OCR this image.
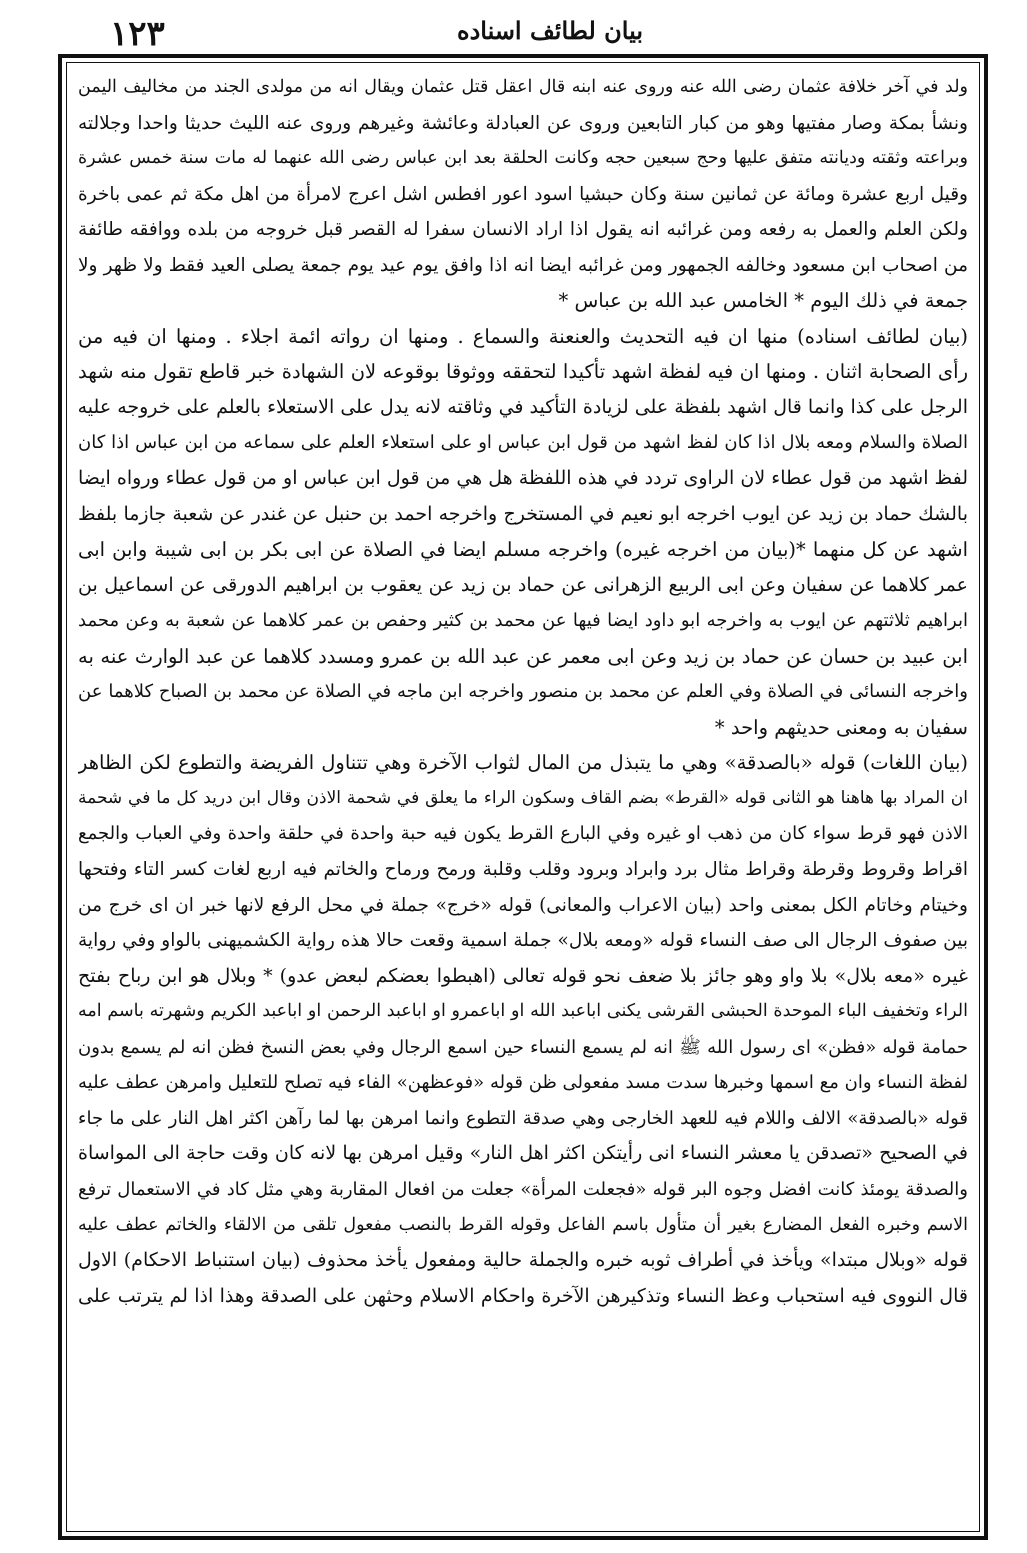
۱۲۳	بيان لطائف اسناده
ولد في آخر خلافة عثمان رضى الله عنه وروى عنه ابنه قال اعقل قتل عثمان ويقال انه من مولدى الجند من مخاليف اليمن
ونشأ بمكة وصار مفتيها وهو من كبار التابعين وروى عن العبادلة وعائشة وغيرهم وروى عنه الليث حديثا واحدا وجلالته
وبراعته وثقته وديانته متفق عليها وحج سبعين حجه وكانت الحلقة بعد ابن عباس رضى الله عنهما له مات سنة خمس عشرة
وقيل اربع عشرة ومائة عن ثمانين سنة وكان حبشيا اسود اعور افطس اشل اعرج لامرأة من اهل مكة ثم عمى باخرة
ولكن العلم والعمل به رفعه ومن غرائبه انه يقول اذا اراد الانسان سفرا له القصر قبل خروجه من بلده ووافقه طائفة
من اصحاب ابن مسعود وخالفه الجمهور ومن غرائبه ايضا انه اذا وافق يوم عيد يوم جمعة يصلى العيد فقط ولا ظهر ولا
جمعة في ذلك اليوم * الخامس عبد الله بن عباس *
(بيان لطائف اسناده) منها ان فيه التحديث والعنعنة والسماع . ومنها ان رواته ائمة اجلاء . ومنها ان فيه من
رأى الصحابة اثنان . ومنها ان فيه لفظة اشهد تأكيدا لتحققه ووثوقا بوقوعه لان الشهادة خبر قاطع تقول منه شهد
الرجل على كذا وانما قال اشهد بلفظة على لزيادة التأكيد في وثاقته لانه يدل على الاستعلاء بالعلم على خروجه عليه
الصلاة والسلام ومعه بلال اذا كان لفظ اشهد من قول ابن عباس او على استعلاء العلم على سماعه من ابن عباس اذا كان
لفظ اشهد من قول عطاء لان الراوى تردد في هذه اللفظة هل هي من قول ابن عباس او من قول عطاء ورواه ايضا
بالشك حماد بن زيد عن ايوب اخرجه ابو نعيم في المستخرج واخرجه احمد بن حنبل عن غندر عن شعبة جازما بلفظ
اشهد عن كل منهما *(بيان من اخرجه غيره) واخرجه مسلم ايضا في الصلاة عن ابى بكر بن ابى شيبة وابن ابى
عمر كلاهما عن سفيان وعن ابى الربيع الزهرانى عن حماد بن زيد عن يعقوب بن ابراهيم الدورقى عن اسماعيل بن
ابراهيم ثلاثتهم عن ايوب به واخرجه ابو داود ايضا فيها عن محمد بن كثير وحفص بن عمر كلاهما عن شعبة به وعن محمد
ابن عبيد بن حسان عن حماد بن زيد وعن ابى معمر عن عبد الله بن عمرو ومسدد كلاهما عن عبد الوارث عنه به
واخرجه النسائى في الصلاة وفي العلم عن محمد بن منصور واخرجه ابن ماجه في الصلاة عن محمد بن الصباح كلاهما عن
سفيان به ومعنى حديثهم واحد *
(بيان اللغات) قوله «بالصدقة» وهي ما يتبذل من المال لثواب الآخرة وهي تتناول الفريضة والتطوع لكن الظاهر
ان المراد بها هاهنا هو الثانى قوله «القرط» بضم القاف وسكون الراء ما يعلق في شحمة الاذن وقال ابن دريد كل ما في شحمة
الاذن فهو قرط سواء كان من ذهب او غيره وفي البارع القرط يكون فيه حبة واحدة في حلقة واحدة وفي العباب والجمع
اقراط وقروط وقرطة وقراط مثال برد وابراد وبرود وقلب وقلبة ورمح ورماح والخاتم فيه اربع لغات كسر التاء وفتحها
وخيتام وخاتام الكل بمعنى واحد (بيان الاعراب والمعانى) قوله «خرج» جملة في محل الرفع لانها خبر ان اى خرج من
بين صفوف الرجال الى صف النساء قوله «ومعه بلال» جملة اسمية وقعت حالا هذه رواية الكشميهنى بالواو وفي رواية
غيره «معه بلال» بلا واو وهو جائز بلا ضعف نحو قوله تعالى (اهبطوا بعضكم لبعض عدو) * وبلال هو ابن رباح بفتح
الراء وتخفيف الباء الموحدة الحبشى القرشى يكنى اباعبد الله او اباعمرو او اباعبد الرحمن او اباعبد الكريم وشهرته باسم امه
حمامة قوله «فظن» اى رسول الله ﷺ انه لم يسمع النساء حين اسمع الرجال وفي بعض النسخ فظن انه لم يسمع بدون
لفظة النساء وان مع اسمها وخبرها سدت مسد مفعولى ظن قوله «فوعظهن» الفاء فيه تصلح للتعليل وامرهن عطف عليه
قوله «بالصدقة» الالف واللام فيه للعهد الخارجى وهي صدقة التطوع وانما امرهن بها لما رآهن اكثر اهل النار على ما جاء
في الصحيح «تصدقن يا معشر النساء انى رأيتكن اكثر اهل النار» وقيل امرهن بها لانه كان وقت حاجة الى المواساة
والصدقة يومئذ كانت افضل وجوه البر قوله «فجعلت المرأة» جعلت من افعال المقاربة وهي مثل كاد في الاستعمال ترفع
الاسم وخبره الفعل المضارع بغير أن متأول باسم الفاعل وقوله القرط بالنصب مفعول تلقى من الالقاء والخاتم عطف عليه
قوله «وبلال مبتدا» ويأخذ في أطراف ثوبه خبره والجملة حالية ومفعول يأخذ محذوف (بيان استنباط الاحكام) الاول
قال النووى فيه استحباب وعظ النساء وتذكيرهن الآخرة واحكام الاسلام وحثهن على الصدقة وهذا اذا لم يترتب على
